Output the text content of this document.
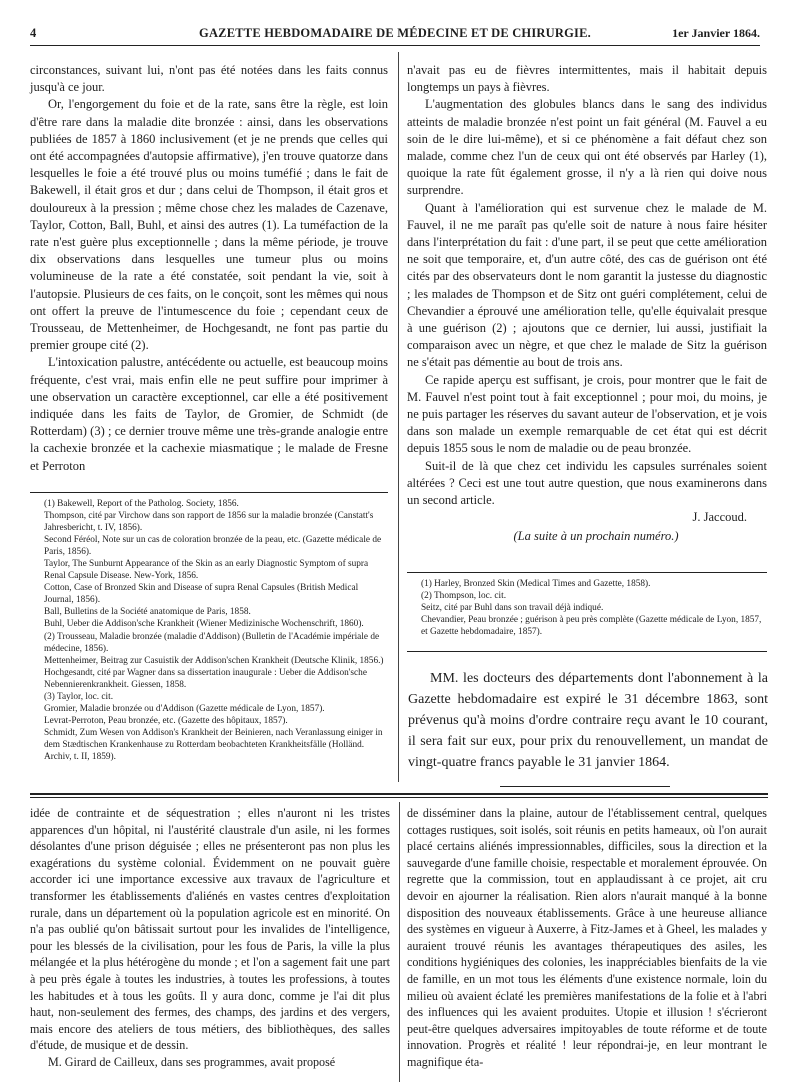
4	GAZETTE HEBDOMADAIRE DE MÉDECINE ET DE CHIRURGIE.	1er Janvier 1864.

circonstances, suivant lui, n'ont pas été notées dans les faits connus jusqu'à ce jour.

Or, l'engorgement du foie et de la rate, sans être la règle, est loin d'être rare dans la maladie dite bronzée : ainsi, dans les observations publiées de 1857 à 1860 inclusivement (et je ne prends que celles qui ont été accompagnées d'autopsie affirmative), j'en trouve quatorze dans lesquelles le foie a été trouvé plus ou moins tuméfié ; dans le fait de Bakewell, il était gros et dur ; dans celui de Thompson, il était gros et douloureux à la pression ; même chose chez les malades de Cazenave, Taylor, Cotton, Ball, Buhl, et ainsi des autres (1). La tuméfaction de la rate n'est guère plus exceptionnelle ; dans la même période, je trouve dix observations dans lesquelles une tumeur plus ou moins volumineuse de la rate a été constatée, soit pendant la vie, soit à l'autopsie. Plusieurs de ces faits, on le conçoit, sont les mêmes qui nous ont offert la preuve de l'intumescence du foie ; cependant ceux de Trousseau, de Mettenheimer, de Hochgesandt, ne font pas partie du premier groupe cité (2).

L'intoxication palustre, antécédente ou actuelle, est beaucoup moins fréquente, c'est vrai, mais enfin elle ne peut suffire pour imprimer à une observation un caractère exceptionnel, car elle a été positivement indiquée dans les faits de Taylor, de Gromier, de Schmidt (de Rotterdam) (3) ; ce dernier trouve même une très-grande analogie entre la cachexie bronzée et la cachexie miasmatique ; le malade de Fresne et Perroton

(1) Bakewell, Report of the Patholog. Society, 1856.

Thompson, cité par Virchow dans son rapport de 1856 sur la maladie bronzée (Canstatt's Jahresbericht, t. IV, 1856).

Second Féréol, Note sur un cas de coloration bronzée de la peau, etc. (Gazette médicale de Paris, 1856).

Taylor, The Sunburnt Appearance of the Skin as an early Diagnostic Symptom of supra Renal Capsule Disease. New-York, 1856.

Cotton, Case of Bronzed Skin and Disease of supra Renal Capsules (British Medical Journal, 1856).

Ball, Bulletins de la Société anatomique de Paris, 1858.

Buhl, Ueber die Addison'sche Krankheit (Wiener Medizinische Wochenschrift, 1860).

(2) Trousseau, Maladie bronzée (maladie d'Addison) (Bulletin de l'Académie impériale de médecine, 1856).

Mettenheimer, Beitrag zur Casuistik der Addison'schen Krankheit (Deutsche Klinik, 1856.)

Hochgesandt, cité par Wagner dans sa dissertation inaugurale : Ueber die Addison'sche Nebennierenkrankheit. Giessen, 1858.

(3) Taylor, loc. cit.

Gromier, Maladie bronzée ou d'Addison (Gazette médicale de Lyon, 1857).

Levrat-Perroton, Peau bronzée, etc. (Gazette des hôpitaux, 1857).

Schmidt, Zum Wesen von Addison's Krankheit der Beinieren, nach Veranlassung einiger in dem Stædtischen Krankenhause zu Rotterdam beobachteten Krankheitsfälle (Holländ. Archiv, t. II, 1859).

n'avait pas eu de fièvres intermittentes, mais il habitait depuis longtemps un pays à fièvres.

L'augmentation des globules blancs dans le sang des individus atteints de maladie bronzée n'est point un fait général (M. Fauvel a eu soin de le dire lui-même), et si ce phénomène a fait défaut chez son malade, comme chez l'un de ceux qui ont été observés par Harley (1), quoique la rate fût également grosse, il n'y a là rien qui doive nous surprendre.

Quant à l'amélioration qui est survenue chez le malade de M. Fauvel, il ne me paraît pas qu'elle soit de nature à nous faire hésiter dans l'interprétation du fait : d'une part, il se peut que cette amélioration ne soit que temporaire, et, d'un autre côté, des cas de guérison ont été cités par des observateurs dont le nom garantit la justesse du diagnostic ; les malades de Thompson et de Sitz ont guéri complétement, celui de Chevandier a éprouvé une amélioration telle, qu'elle équivalait presque à une guérison (2) ; ajoutons que ce dernier, lui aussi, justifiait la comparaison avec un nègre, et que chez le malade de Sitz la guérison ne s'était pas démentie au bout de trois ans.

Ce rapide aperçu est suffisant, je crois, pour montrer que le fait de M. Fauvel n'est point tout à fait exceptionnel ; pour moi, du moins, je ne puis partager les réserves du savant auteur de l'observation, et je vois dans son malade un exemple remarquable de cet état qui est décrit depuis 1855 sous le nom de maladie ou de peau bronzée.

Suit-il de là que chez cet individu les capsules surrénales soient altérées ? Ceci est une tout autre question, que nous examinerons dans un second article.

J. Jaccoud.

(La suite à un prochain numéro.)

(1) Harley, Bronzed Skin (Medical Times and Gazette, 1858).

(2) Thompson, loc. cit.

Seitz, cité par Buhl dans son travail déjà indiqué.

Chevandier, Peau bronzée ; guérison à peu près complète (Gazette médicale de Lyon, 1857, et Gazette hebdomadaire, 1857).

MM. les docteurs des départements dont l'abonnement à la Gazette hebdomadaire est expiré le 31 décembre 1863, sont prévenus qu'à moins d'ordre contraire reçu avant le 10 courant, il sera fait sur eux, pour prix du renouvellement, un mandat de vingt-quatre francs payable le 31 janvier 1864.

idée de contrainte et de séquestration ; elles n'auront ni les tristes apparences d'un hôpital, ni l'austérité claustrale d'un asile, ni les formes désolantes d'une prison déguisée ; elles ne présenteront pas non plus les exagérations du système colonial. Évidemment on ne pouvait guère accorder ici une importance excessive aux travaux de l'agriculture et transformer les établissements d'aliénés en vastes centres d'exploitation rurale, dans un département où la population agricole est en minorité. On n'a pas oublié qu'on bâtissait surtout pour les invalides de l'intelligence, pour les blessés de la civilisation, pour les fous de Paris, la ville la plus mélangée et la plus hétérogène du monde ; et l'on a sagement fait une part à peu près égale à toutes les industries, à toutes les professions, à toutes les habitudes et à tous les goûts. Il y aura donc, comme je l'ai dit plus haut, non-seulement des fermes, des champs, des jardins et des vergers, mais encore des ateliers de tous métiers, des bibliothèques, des salles d'étude, de musique et de dessin.

M. Girard de Cailleux, dans ses programmes, avait proposé

de disséminer dans la plaine, autour de l'établissement central, quelques cottages rustiques, soit isolés, soit réunis en petits hameaux, où l'on aurait placé certains aliénés impressionnables, difficiles, sous la direction et la sauvegarde d'une famille choisie, respectable et moralement éprouvée. On regrette que la commission, tout en applaudissant à ce projet, ait cru devoir en ajourner la réalisation. Rien alors n'aurait manqué à la bonne disposition des nouveaux établissements. Grâce à une heureuse alliance des systèmes en vigueur à Auxerre, à Fitz-James et à Gheel, les malades y auraient trouvé réunis les avantages thérapeutiques des asiles, les conditions hygiéniques des colonies, les inappréciables bienfaits de la vie de famille, en un mot tous les éléments d'une existence normale, loin du milieu où avaient éclaté les premières manifestations de la folie et à l'abri des influences qui les avaient produites. Utopie et illusion ! s'écrieront peut-être quelques adversaires impitoyables de toute réforme et de toute innovation. Progrès et réalité ! leur répondrai-je, en leur montrant le magnifique éta-
